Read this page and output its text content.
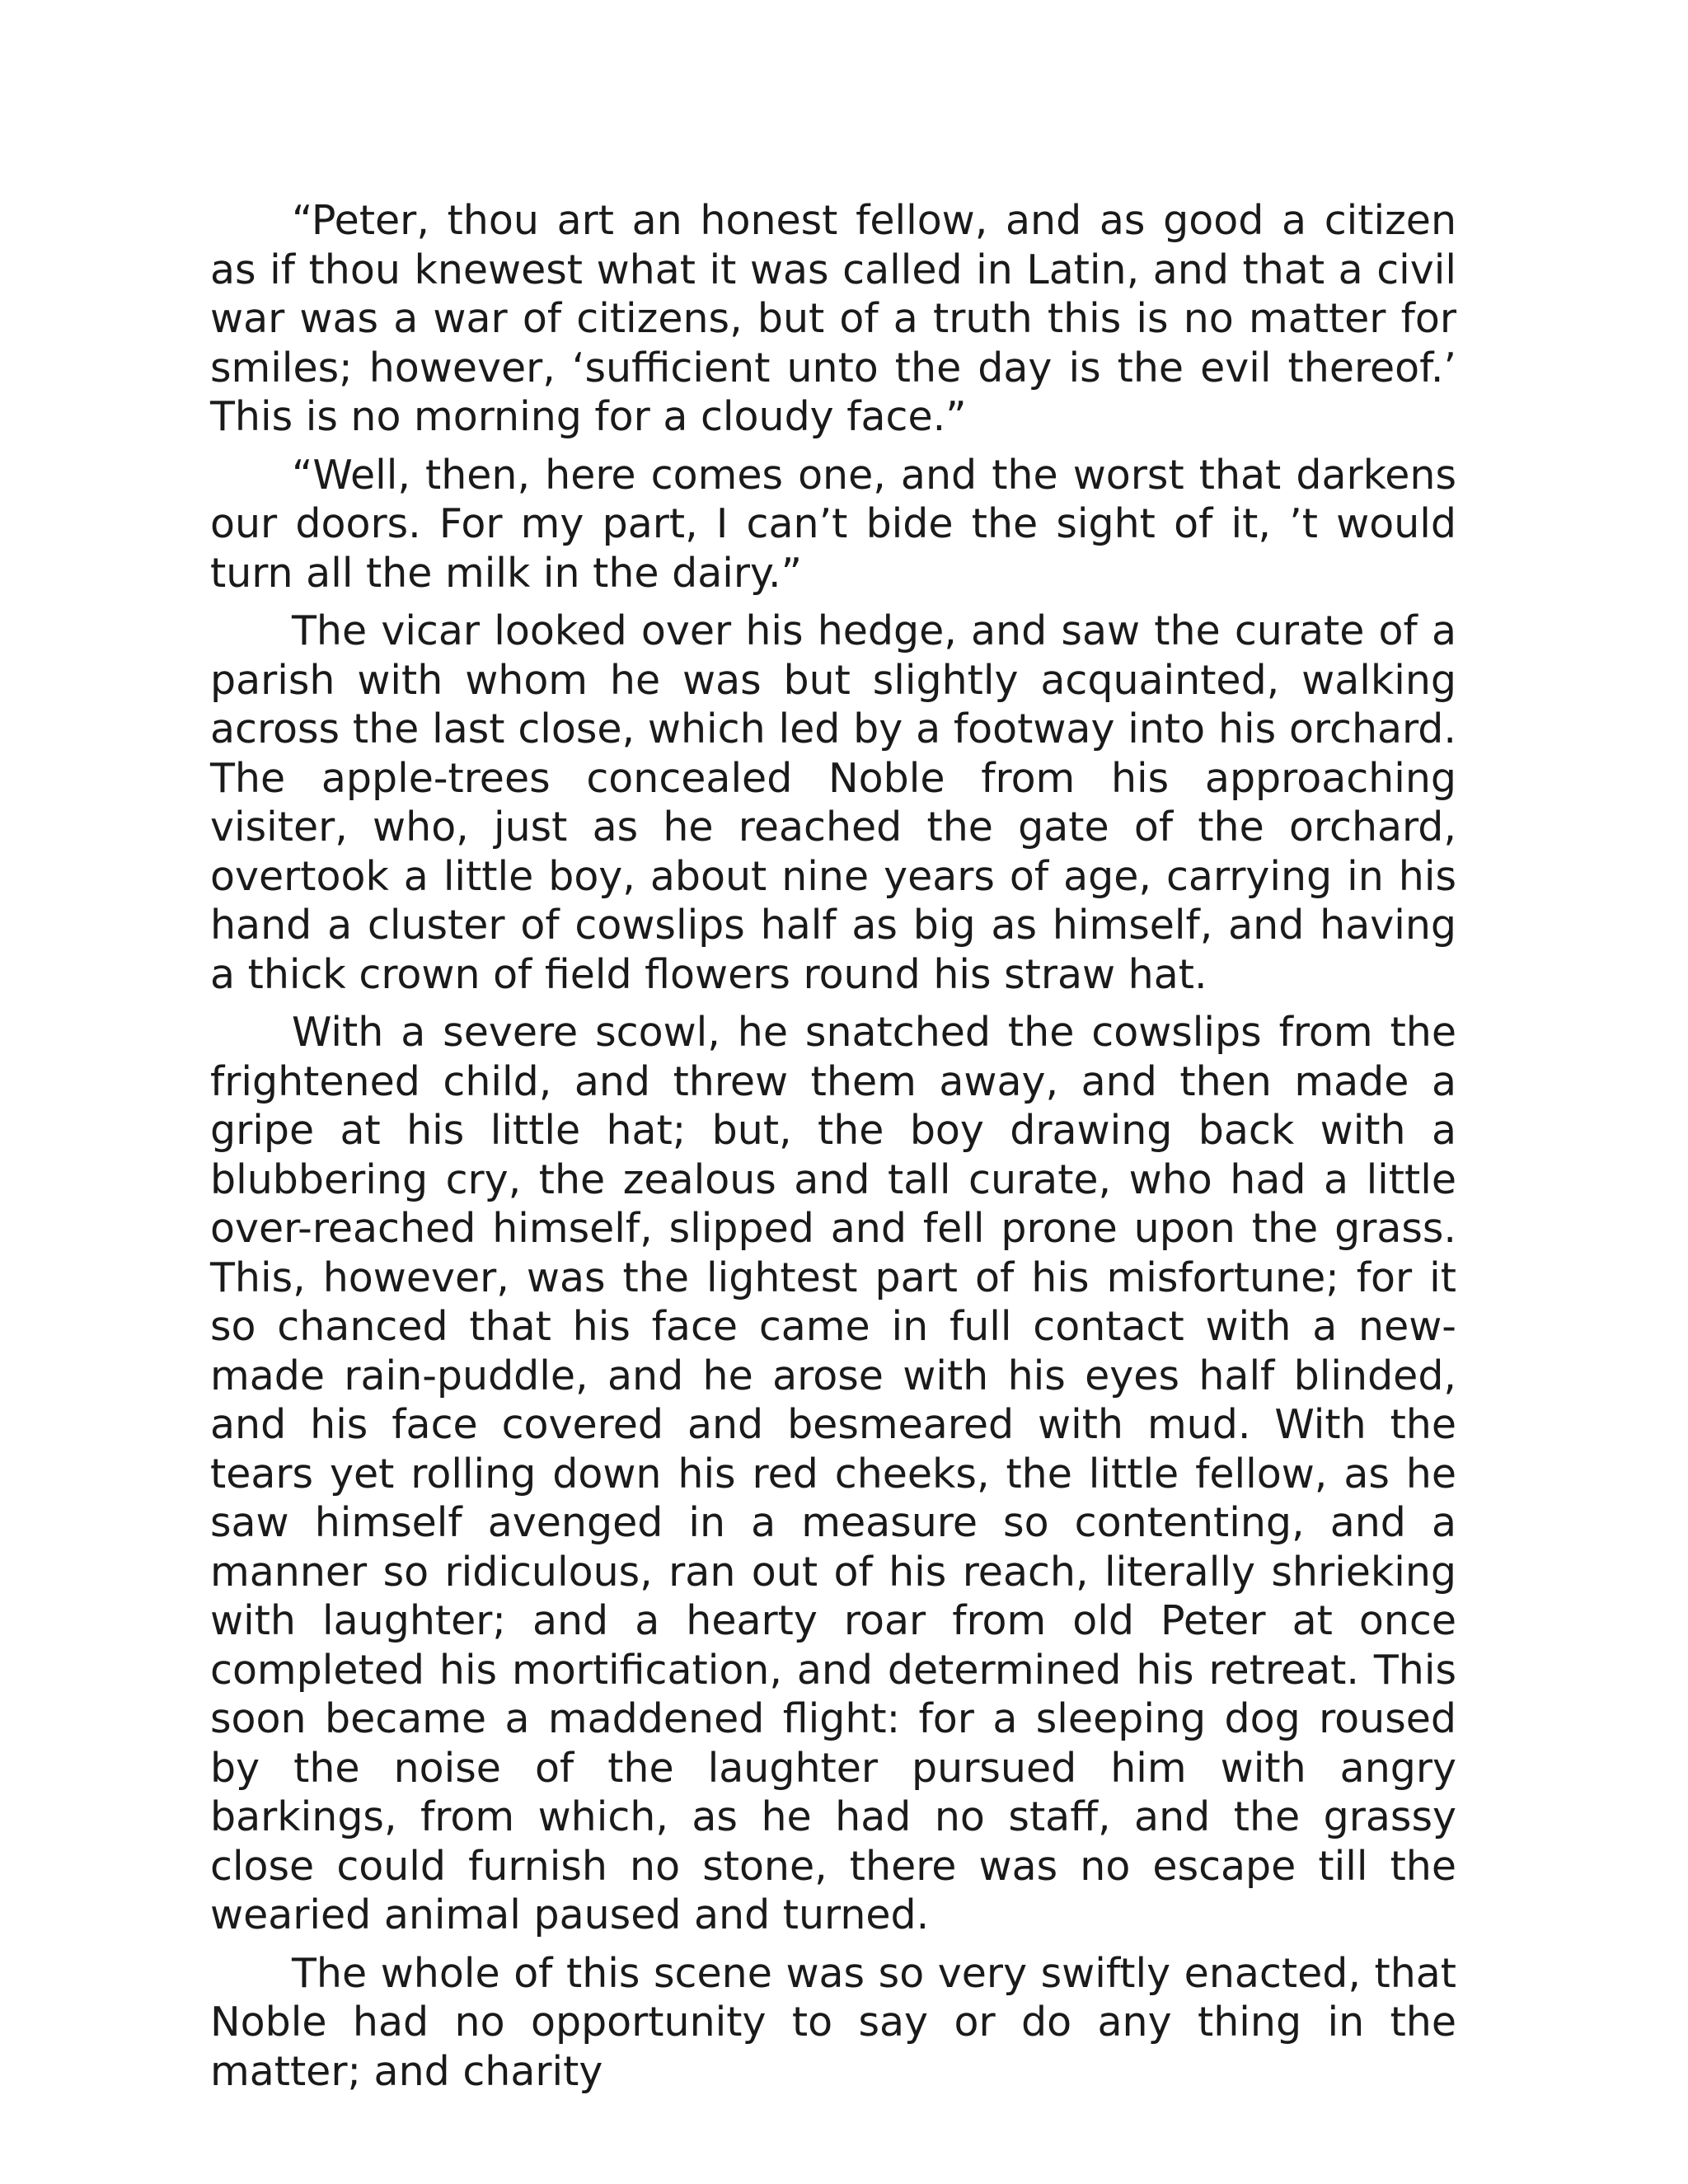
“Peter, thou art an honest fellow, and as good a citizen as if thou knewest what it was called in Latin, and that a civil war was a war of citizens, but of a truth this is no matter for smiles; however, ‘sufficient unto the day is the evil thereof.’ This is no morning for a cloudy face.”

“Well, then, here comes one, and the worst that darkens our doors. For my part, I can’t bide the sight of it, ’t would turn all the milk in the dairy.”

The vicar looked over his hedge, and saw the curate of a parish with whom he was but slightly acquainted, walking across the last close, which led by a footway into his orchard. The apple-trees concealed Noble from his approaching visiter, who, just as he reached the gate of the orchard, overtook a little boy, about nine years of age, carrying in his hand a cluster of cowslips half as big as himself, and having a thick crown of field flowers round his straw hat.

With a severe scowl, he snatched the cowslips from the frightened child, and threw them away, and then made a gripe at his little hat; but, the boy drawing back with a blubbering cry, the zealous and tall curate, who had a little over-reached himself, slipped and fell prone upon the grass. This, however, was the lightest part of his misfortune; for it so chanced that his face came in full contact with a new-made rain-puddle, and he arose with his eyes half blinded, and his face covered and besmeared with mud. With the tears yet rolling down his red cheeks, the little fellow, as he saw himself avenged in a measure so contenting, and a manner so ridiculous, ran out of his reach, literally shrieking with laughter; and a hearty roar from old Peter at once completed his mortification, and determined his retreat. This soon became a maddened flight: for a sleeping dog roused by the noise of the laughter pursued him with angry barkings, from which, as he had no staff, and the grassy close could furnish no stone, there was no escape till the wearied animal paused and turned.

The whole of this scene was so very swiftly enacted, that Noble had no opportunity to say or do any thing in the matter; and charity
